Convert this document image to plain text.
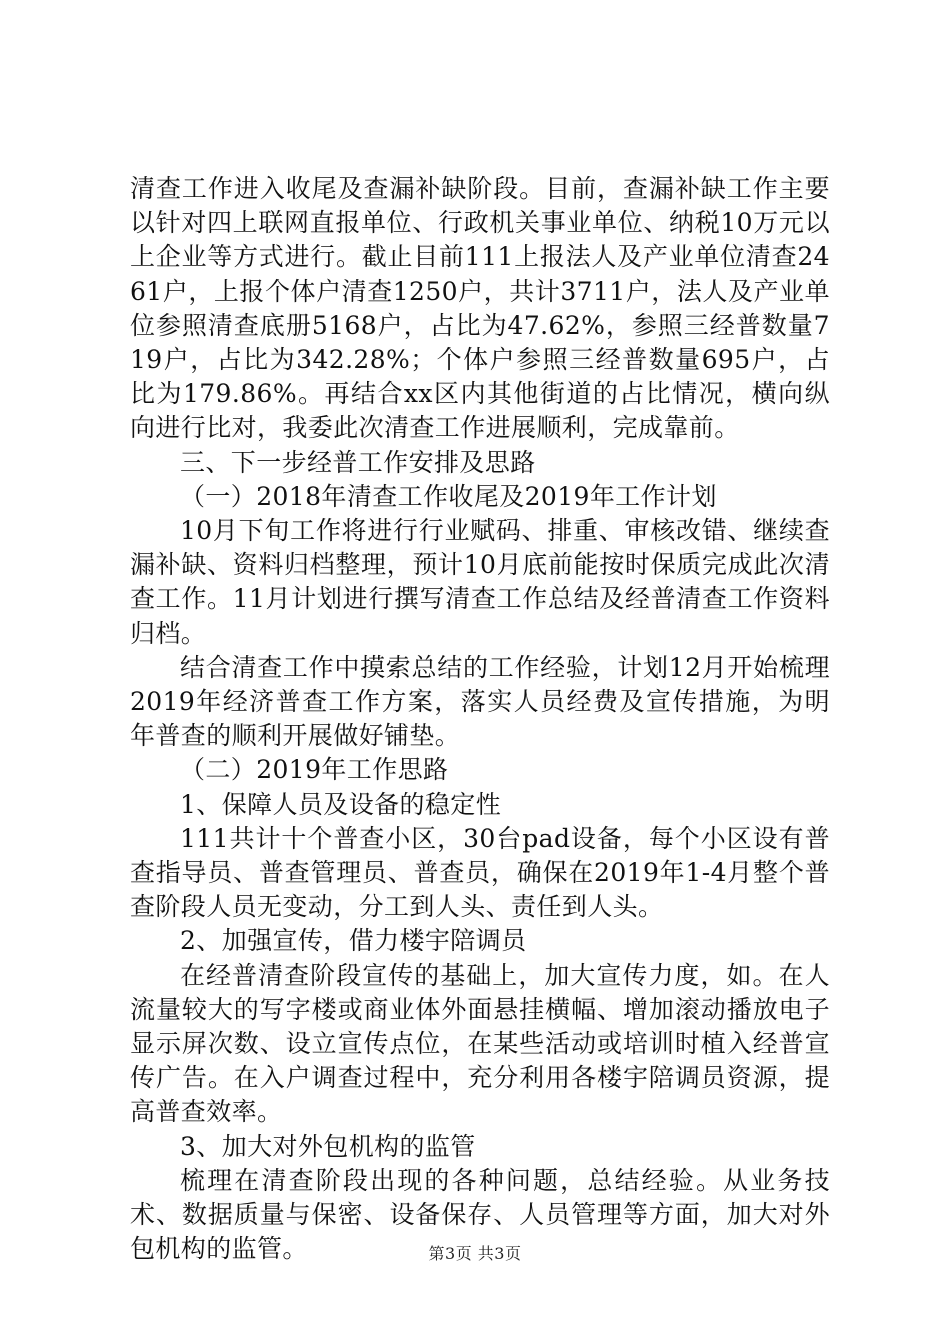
清查工作进入收尾及查漏补缺阶段。目前，查漏补缺工作主要以针对四上联网直报单位、行政机关事业单位、纳税10万元以上企业等方式进行。截止目前111上报法人及产业单位清查2461户，上报个体户清查1250户，共计3711户，法人及产业单位参照清查底册5168户，占比为47.62%，参照三经普数量719户，占比为342.28%；个体户参照三经普数量695户，占比为179.86%。再结合xx区内其他街道的占比情况，横向纵向进行比对，我委此次清查工作进展顺利，完成靠前。

三、下一步经普工作安排及思路

（一）2018年清查工作收尾及2019年工作计划

10月下旬工作将进行行业赋码、排重、审核改错、继续查漏补缺、资料归档整理，预计10月底前能按时保质完成此次清查工作。11月计划进行撰写清查工作总结及经普清查工作资料归档。

结合清查工作中摸索总结的工作经验，计划12月开始梳理2019年经济普查工作方案，落实人员经费及宣传措施，为明年普查的顺利开展做好铺垫。

（二）2019年工作思路

1、保障人员及设备的稳定性

111共计十个普查小区，30台pad设备，每个小区设有普查指导员、普查管理员、普查员，确保在2019年1-4月整个普查阶段人员无变动，分工到人头、责任到人头。

2、加强宣传，借力楼宇陪调员

在经普清查阶段宣传的基础上，加大宣传力度，如。在人流量较大的写字楼或商业体外面悬挂横幅、增加滚动播放电子显示屏次数、设立宣传点位，在某些活动或培训时植入经普宣传广告。在入户调查过程中，充分利用各楼宇陪调员资源，提高普查效率。

3、加大对外包机构的监管

梳理在清查阶段出现的各种问题，总结经验。从业务技术、数据质量与保密、设备保存、人员管理等方面，加大对外包机构的监管。	第3页 共3页
